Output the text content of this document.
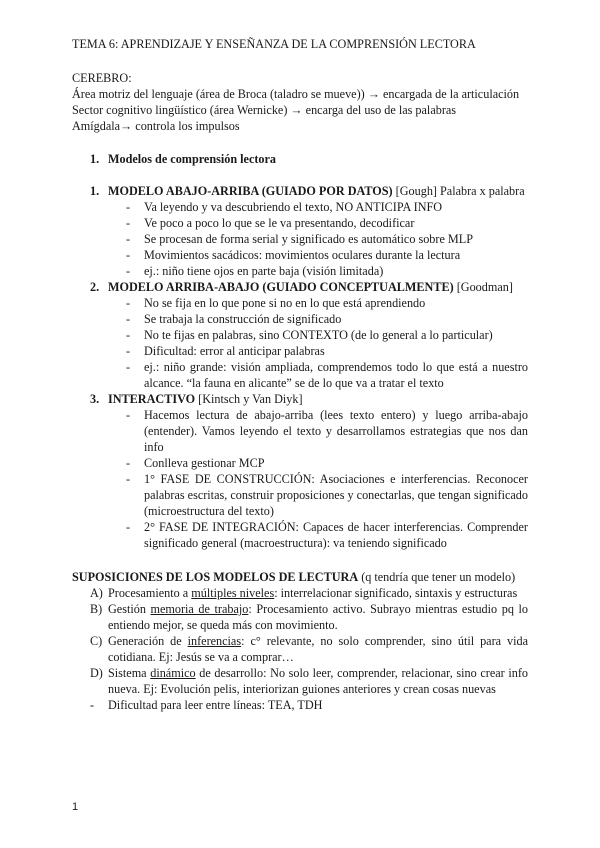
TEMA 6: APRENDIZAJE Y ENSEÑANZA DE LA COMPRENSIÓN LECTORA
CEREBRO:
Área motriz del lenguaje (área de Broca (taladro se mueve)) → encargada de la articulación
Sector cognitivo lingüístico (área Wernicke) → encarga del uso de las palabras
Amígdala→ controla los impulsos
1. Modelos de comprensión lectora
1. MODELO ABAJO-ARRIBA (GUIADO POR DATOS) [Gough] Palabra x palabra
- Va leyendo y va descubriendo el texto, NO ANTICIPA INFO
- Ve poco a poco lo que se le va presentando, decodificar
- Se procesan de forma serial y significado es automático sobre MLP
- Movimientos sacádicos: movimientos oculares durante la lectura
- ej.: niño tiene ojos en parte baja (visión limitada)
2. MODELO ARRIBA-ABAJO (GUIADO CONCEPTUALMENTE) [Goodman]
- No se fija en lo que pone si no en lo que está aprendiendo
- Se trabaja la construcción de significado
- No te fijas en palabras, sino CONTEXTO (de lo general a lo particular)
- Dificultad: error al anticipar palabras
- ej.: niño grande: visión ampliada, comprendemos todo lo que está a nuestro alcance. “la fauna en alicante” se de lo que va a tratar el texto
3. INTERACTIVO [Kintsch y Van Diyk]
- Hacemos lectura de abajo-arriba (lees texto entero) y luego arriba-abajo (entender). Vamos leyendo el texto y desarrollamos estrategias que nos dan info
- Conlleva gestionar MCP
- 1° FASE DE CONSTRUCCIÓN: Asociaciones e interferencias. Reconocer palabras escritas, construir proposiciones y conectarlas, que tengan significado (microestructura del texto)
- 2° FASE DE INTEGRACIÓN: Capaces de hacer interferencias. Comprender significado general (macroestructura): va teniendo significado
SUPOSICIONES DE LOS MODELOS DE LECTURA (q tendría que tener un modelo)
A) Procesamiento a múltiples niveles: interrelacionar significado, sintaxis y estructuras
B) Gestión memoria de trabajo: Procesamiento activo. Subrayo mientras estudio pq lo entiendo mejor, se queda más con movimiento.
C) Generación de inferencias: c° relevante, no solo comprender, sino útil para vida cotidiana. Ej: Jesús se va a comprar…
D) Sistema dinámico de desarrollo: No solo leer, comprender, relacionar, sino crear info nueva. Ej: Evolución pelis, interiorizan guiones anteriores y crean cosas nuevas
- Dificultad para leer entre líneas: TEA, TDH
1
